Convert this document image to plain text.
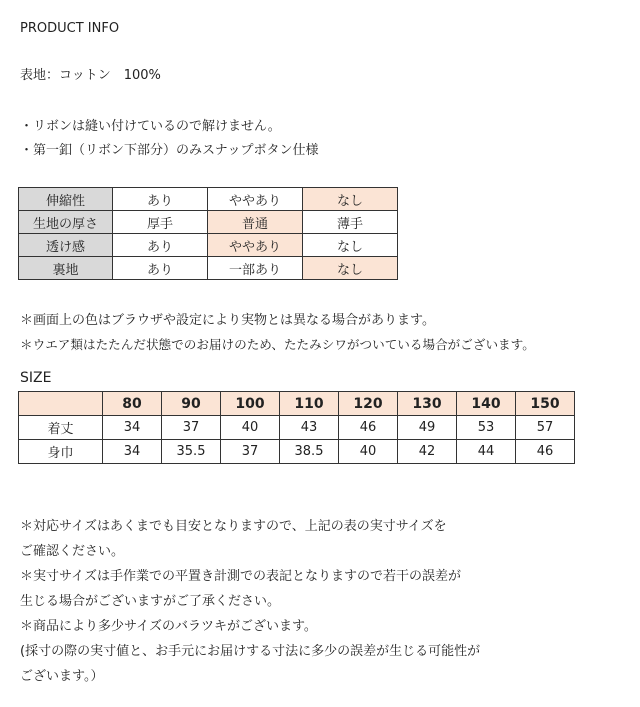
PRODUCT INFO
表地：コットン　100%
・リボンは縫い付けているので解けません。
・第一釦（リボン下部分）のみスナップボタン仕様
伸縮性	あり	ややあり	なし
生地の厚さ	厚手	普通	薄手
透け感	あり	ややあり	なし
裏地	あり	一部あり	なし
＊画面上の色はブラウザや設定により実物とは異なる場合があります。
＊ウエア類はたたんだ状態でのお届けのため、たたみシワがついている場合がございます。
SIZE
	80	90	100	110	120	130	140	150
着丈	34	37	40	43	46	49	53	57
身巾	34	35.5	37	38.5	40	42	44	46
＊対応サイズはあくまでも目安となりますので、上記の表の実寸サイズを
ご確認ください。
＊実寸サイズは手作業での平置き計測での表記となりますので若干の誤差が
生じる場合がございますがご了承ください。
＊商品により多少サイズのバラツキがございます。
(採寸の際の実寸値と、お手元にお届けする寸法に多少の誤差が生じる可能性が
ございます。）
